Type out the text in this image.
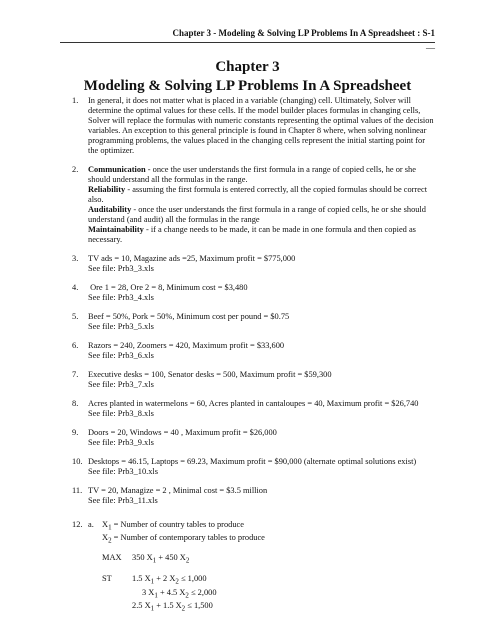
Chapter 3 - Modeling & Solving LP Problems In A Spreadsheet : S-1
—
Chapter 3
Modeling & Solving LP Problems In A Spreadsheet
1. In general, it does not matter what is placed in a variable (changing) cell. Ultimately, Solver will determine the optimal values for these cells. If the model builder places formulas in changing cells, Solver will replace the formulas with numeric constants representing the optimal values of the decision variables. An exception to this general principle is found in Chapter 8 where, when solving nonlinear programming problems, the values placed in the changing cells represent the initial starting point for the optimizer.

2. Communication - once the user understands the first formula in a range of copied cells, he or she should understand all the formulas in the range.

Reliability - assuming the first formula is entered correctly, all the copied formulas should be correct also.

Auditability - once the user understands the first formula in a range of copied cells, he or she should understand (and audit) all the formulas in the range

Maintainability - if a change needs to be made, it can be made in one formula and then copied as necessary.

3. TV ads = 10, Magazine ads =25, Maximum profit = $775,000

See file: Prb3_3.xls

4. Ore 1 = 28, Ore 2 = 8, Minimum cost = $3,480

See file: Prb3_4.xls

5. Beef = 50%, Pork = 50%, Minimum cost per pound = $0.75

See file: Prb3_5.xls

6. Razors = 240, Zoomers = 420, Maximum profit = $33,600

See file: Prb3_6.xls

7. Executive desks = 100, Senator desks = 500, Maximum profit = $59,300

See file: Prb3_7.xls

8. Acres planted in watermelons = 60, Acres planted in cantaloupes = 40, Maximum profit = $26,740

See file: Prb3_8.xls

9. Doors = 20, Windows = 40 , Maximum profit = $26,000

See file: Prb3_9.xls

10. Desktops = 46.15, Laptops = 69.23, Maximum profit = $90,000 (alternate optimal solutions exist)

See file: Prb3_10.xls

11. TV = 20, Managize = 2 , Minimal cost = $3.5 million

See file: Prb3_11.xls

12. a. $X_1$ = Number of country tables to produce
$X_2$ = Number of contemporary tables to produce
MAX	350 $X_1 + 450$ $X_2$
ST	1.5 $X_1 + 2$ $X_2 \le 1,000$
3 $X_1 + 4.5$ $X_2 \le 2,000$
2.5 $X_1 + 1.5$ $X_2 \le 1,500$
